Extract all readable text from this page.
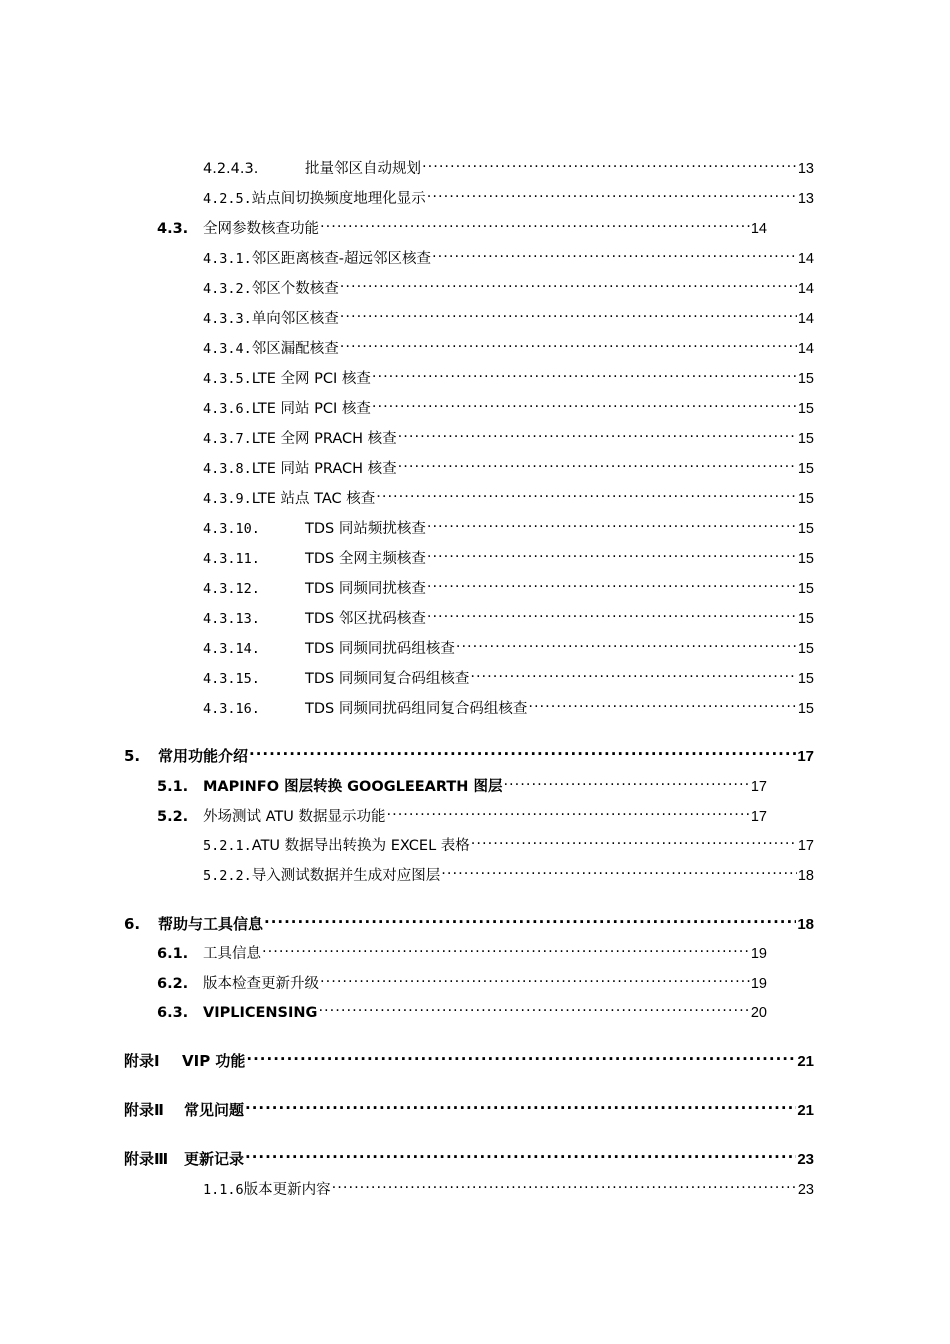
4.2.4.3.	批量邻区自动规划 .....	13
4.2.5. 站点间切换频度地理化显示 .....	13
4.3.	全网参数核查功能 .....	14
4.3.1. 邻区距离核查-超远邻区核查 .....	14
4.3.2. 邻区个数核查 .....	14
4.3.3. 单向邻区核查 .....	14
4.3.4. 邻区漏配核查 .....	14
4.3.5. LTE 全网 PCI 核查 .....	15
4.3.6. LTE 同站 PCI 核查 .....	15
4.3.7. LTE 全网 PRACH 核查 .....	15
4.3.8. LTE 同站 PRACH 核查 .....	15
4.3.9. LTE 站点 TAC 核查 .....	15
4.3.10.	TDS 同站频扰核查 .....	15
4.3.11.	TDS 全网主频核查 .....	15
4.3.12.	TDS 同频同扰核查 .....	15
4.3.13.	TDS 邻区扰码核查 .....	15
4.3.14.	TDS 同频同扰码组核查 .....	15
4.3.15.	TDS 同频同复合码组核查 .....	15
4.3.16.	TDS 同频同扰码组同复合码组核查 .....	15
5.	常用功能介绍 .....	17
5.1.	MAPINFO 图层转换 GOOGLEEARTH 图层 .....	17
5.2.	外场测试 ATU 数据显示功能 .....	17
5.2.1. ATU 数据导出转换为 EXCEL 表格 .....	17
5.2.2. 导入测试数据并生成对应图层 .....	18
6.	帮助与工具信息 .....	18
6.1.	工具信息 .....	19
6.2.	版本检查更新升级 .....	19
6.3.	VIPLICENSING .....	20
附录Ⅰ	VIP 功能 .....	21
附录Ⅱ	常见问题 .....	21
附录Ⅲ	更新记录 .....	23
1.1.6 版本更新内容 .....	23
